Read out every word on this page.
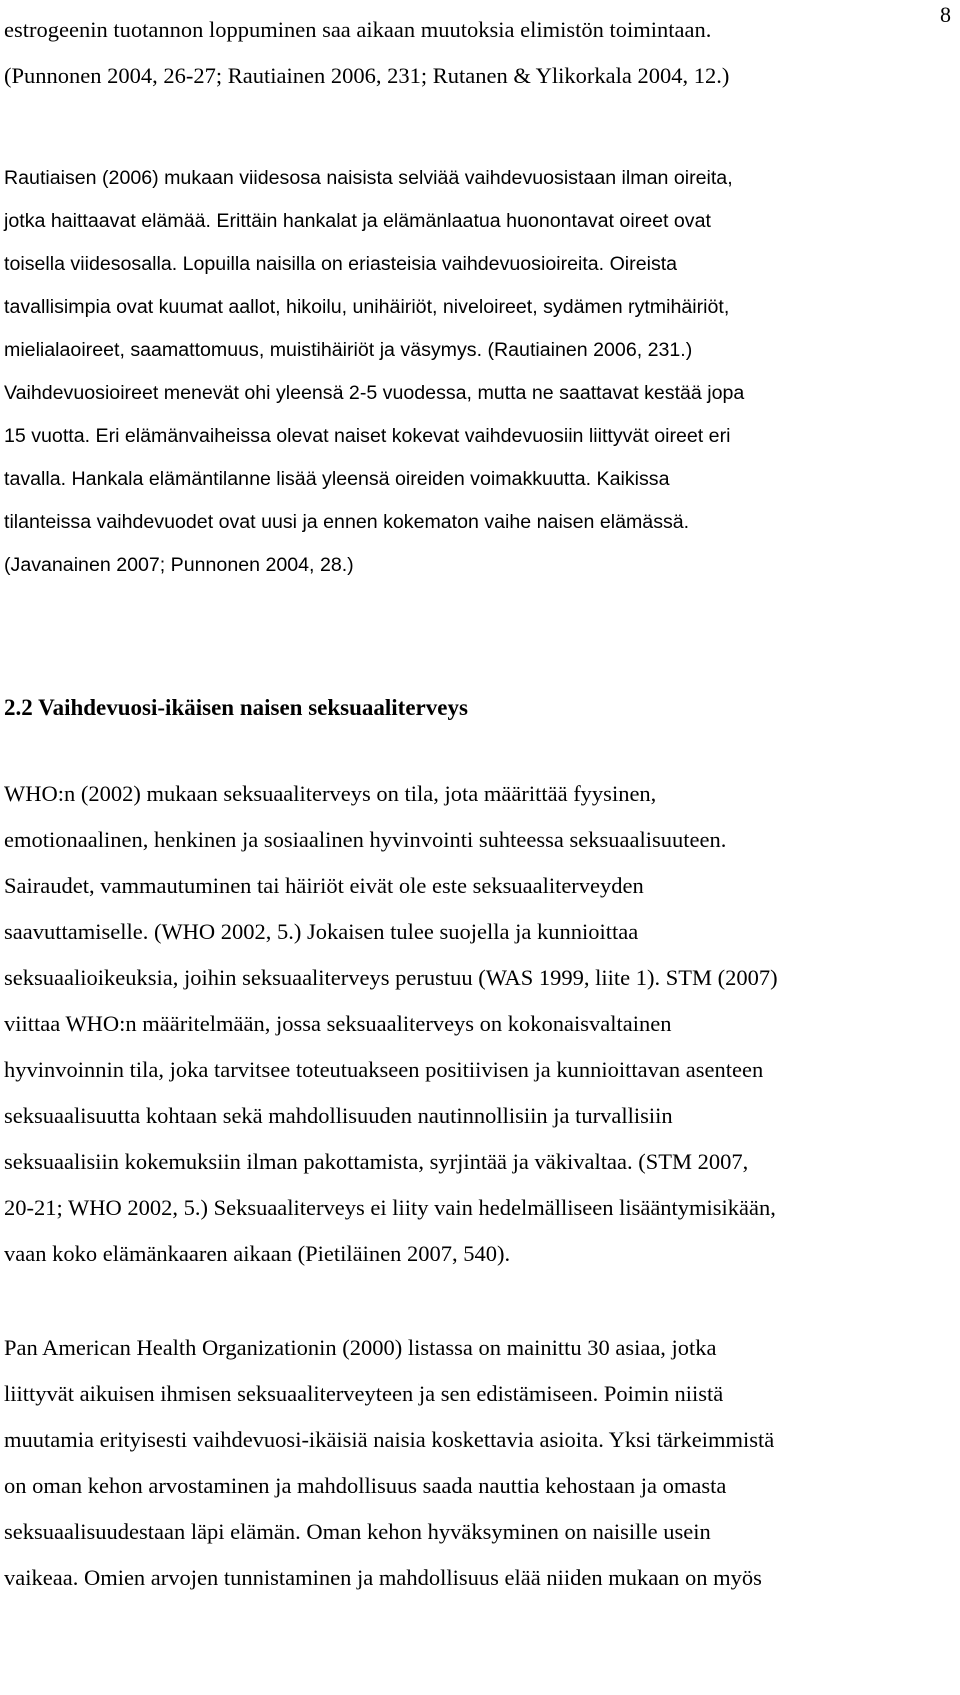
8
estrogeenin tuotannon loppuminen saa aikaan muutoksia elimistön toimintaan.
(Punnonen 2004, 26-27; Rautiainen 2006, 231; Rutanen & Ylikorkala 2004, 12.)
Rautiaisen (2006) mukaan viidesosa naisista selviää vaihdevuosistaan ilman oireita,
jotka haittaavat elämää. Erittäin hankalat ja elämänlaatua huonontavat oireet ovat
toisella viidesosalla. Lopuilla naisilla on eriasteisia vaihdevuosioireita. Oireista
tavallisimpia ovat kuumat aallot, hikoilu, unihäiriöt, niveloireet, sydämen rytmihäiriöt,
mielialaoireet, saamattomuus, muistihäiriöt ja väsymys. (Rautiainen 2006, 231.)
Vaihdevuosioireet menevät ohi yleensä 2-5 vuodessa, mutta ne saattavat kestää jopa
15 vuotta. Eri elämänvaiheissa olevat naiset kokevat vaihdevuosiin liittyvät oireet eri
tavalla. Hankala elämäntilanne lisää yleensä oireiden voimakkuutta. Kaikissa
tilanteissa vaihdevuodet ovat uusi ja ennen kokematon vaihe naisen elämässä.
(Javanainen 2007; Punnonen 2004, 28.)
2.2 Vaihdevuosi-ikäisen naisen seksuaaliterveys
WHO:n (2002) mukaan seksuaaliterveys on tila, jota määrittää fyysinen,
emotionaalinen, henkinen ja sosiaalinen hyvinvointi suhteessa seksuaalisuuteen.
Sairaudet, vammautuminen tai häiriöt eivät ole este seksuaaliterveyden
saavuttamiselle. (WHO 2002, 5.) Jokaisen tulee suojella ja kunnioittaa
seksuaalioikeuksia, joihin seksuaaliterveys perustuu (WAS 1999, liite 1). STM (2007)
viittaa WHO:n määritelmään, jossa seksuaaliterveys on kokonaisvaltainen
hyvinvoinnin tila, joka tarvitsee toteutuakseen positiivisen ja kunnioittavan asenteen
seksuaalisuutta kohtaan sekä mahdollisuuden nautinnollisiin ja turvallisiin
seksuaalisiin kokemuksiin ilman pakottamista, syrjintää ja väkivaltaa. (STM 2007,
20-21; WHO 2002, 5.) Seksuaaliterveys ei liity vain hedelmälliseen lisääntymisikään,
vaan koko elämänkaaren aikaan (Pietiläinen 2007, 540).
Pan American Health Organizationin (2000) listassa on mainittu 30 asiaa, jotka
liittyvät aikuisen ihmisen seksuaaliterveyteen ja sen edistämiseen. Poimin niistä
muutamia erityisesti vaihdevuosi-ikäisiä naisia koskettavia asioita. Yksi tärkeimmistä
on oman kehon arvostaminen ja mahdollisuus saada nauttia kehostaan ja omasta
seksuaalisuudestaan läpi elämän. Oman kehon hyväksyminen on naisille usein
vaikeaa. Omien arvojen tunnistaminen ja mahdollisuus elää niiden mukaan on myös
